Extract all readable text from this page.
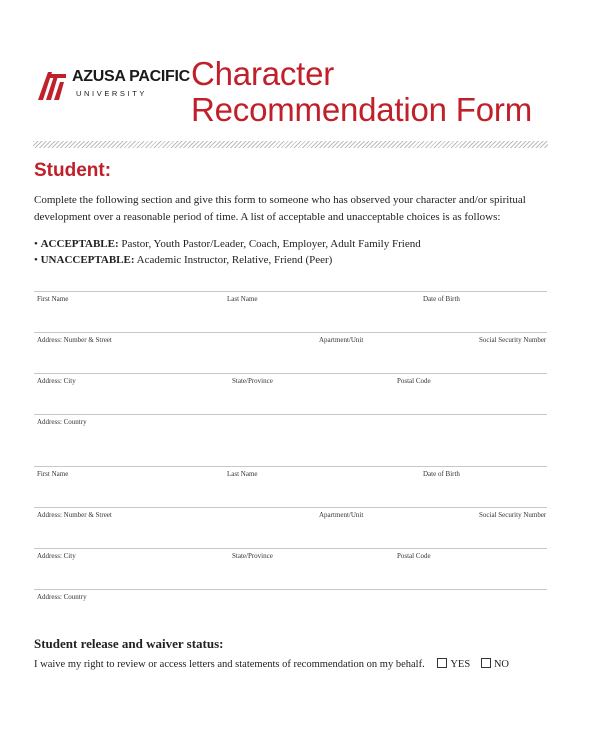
AZUSA PACIFIC
UNIVERSITY
Character
Recommendation Form
Student:
Complete the following section and give this form to someone who has observed your character and/or spiritual development over a reasonable period of time. A list of acceptable and unacceptable choices is as follows:
• ACCEPTABLE: Pastor, Youth Pastor/Leader, Coach, Employer, Adult Family Friend
• UNACCEPTABLE: Academic Instructor, Relative, Friend (Peer)
First Name	Last Name	Date of Birth
Address: Number & Street	Apartment/Unit	Social Security Number
Address: City	State/Province	Postal Code
Address: Country
First Name	Last Name	Date of Birth
Address: Number & Street	Apartment/Unit	Social Security Number
Address: City	State/Province	Postal Code
Address: Country
Student release and waiver status:
I waive my right to review or access letters and statements of recommendation on my behalf. YES NO
